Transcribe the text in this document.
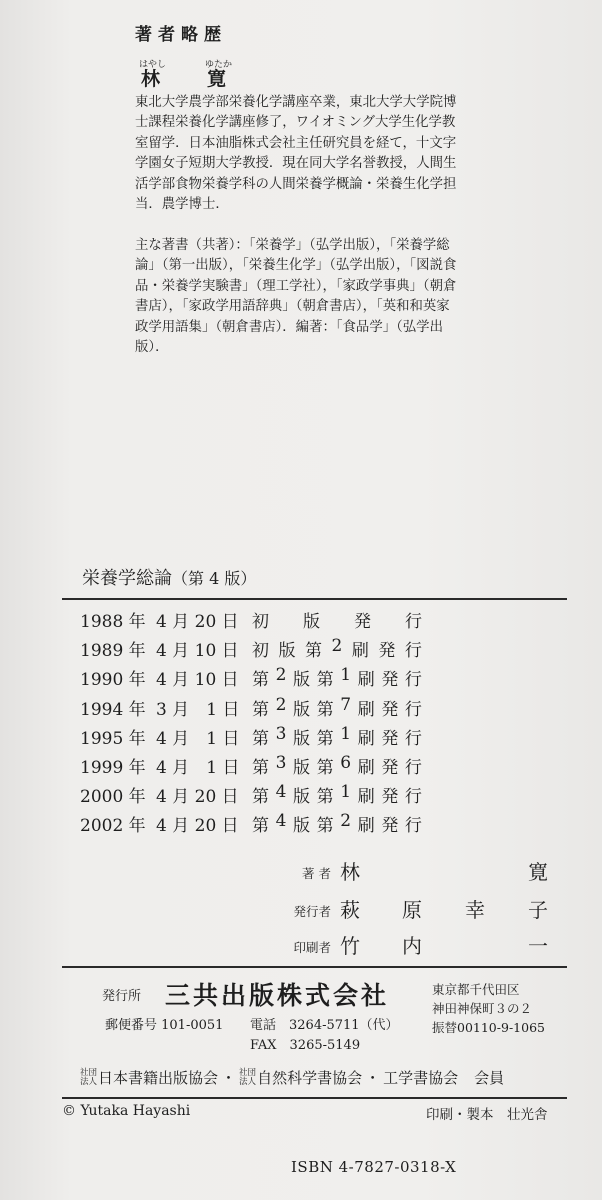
著者略歴
はやし	ゆたか
林 寛

東北大学農学部栄養化学講座卒業，東北大学大学院博

士課程栄養化学講座修了，ワイオミング大学生化学教

室留学．日本油脂株式会社主任研究員を経て，十文字

学園女子短期大学教授．現在同大学名誉教授，人間生

活学部食物栄養学科の人間栄養学概論・栄養生化学担

当．農学博士．

主な著書（共著）：「栄養学」（弘学出版），「栄養学総

論」（第一出版），「栄養生化学」（弘学出版），「図説食

品・栄養学実験書」（理工学社），「家政学事典」（朝倉

書店），「家政学用語辞典」（朝倉書店），「英和和英家

政学用語集」（朝倉書店）．編著：「食品学」（弘学出

版）．

栄養学総論（第 4 版）
1988 年 4 月 20 日 初 版 発 行
1989 年 4 月 10 日 初 版 第 2 刷 発 行
1990 年 4 月 10 日 第 2 版 第 1 刷 発 行
1994 年 3 月　1 日 第 2 版 第 7 刷 発 行
1995 年 4 月　1 日 第 3 版 第 1 刷 発 行
1999 年 4 月　1 日 第 3 版 第 6 刷 発 行
2000 年 4 月 20 日 第 4 版 第 1 刷 発 行
2002 年 4 月 20 日 第 4 版 第 2 刷 発 行
著 者 林	寛
発行者 萩 原 幸 子
印刷者 竹 内	一
発行所 三共出版株式会社
郵便番号 101-0051 電話　3264-5711（代）
FAX　3265-5149
東京都千代田区
神田神保町３の２
振替00110-9-1065
社団
法人 日本書籍出版協会 ・ 社団
法人 自然科学書協会 ・ 工学書協会 会員
© Yutaka Hayashi	印刷・製本　壮光舎
ISBN 4-7827-0318-X
